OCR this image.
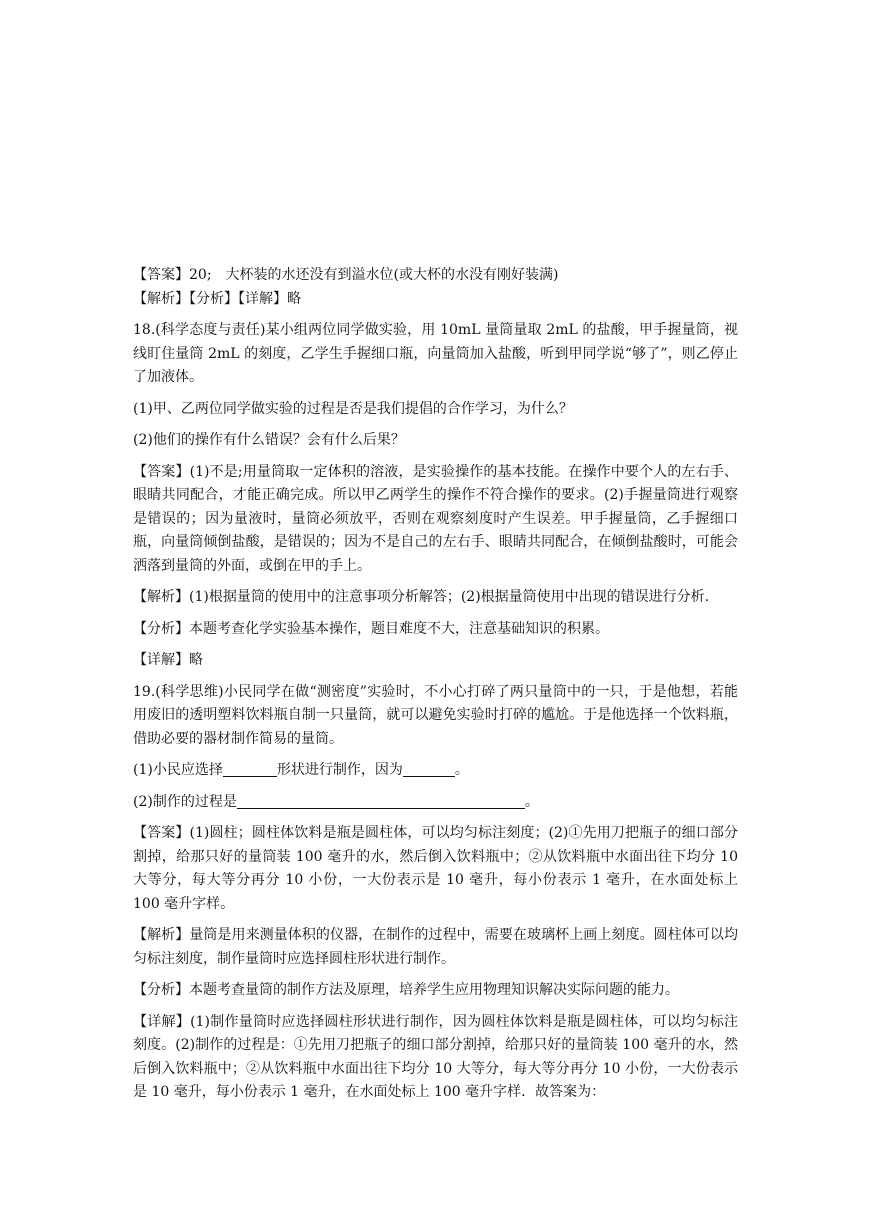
【答案】20;　大杯装的水还没有到溢水位(或大杯的水没有刚好装满)

【解析】【分析】【详解】略

18.(科学态度与责任)某小组两位同学做实验，用 10mL 量筒量取 2mL 的盐酸，甲手握量筒，视线盯住量筒 2mL 的刻度，乙学生手握细口瓶，向量筒加入盐酸，听到甲同学说“够了”，则乙停止了加液体。

(1)甲、乙两位同学做实验的过程是否是我们提倡的合作学习，为什么？

(2)他们的操作有什么错误？会有什么后果？

【答案】(1)不是;用量筒取一定体积的溶液，是实验操作的基本技能。在操作中要个人的左右手、眼睛共同配合，才能正确完成。所以甲乙两学生的操作不符合操作的要求。(2)手握量筒进行观察是错误的；因为量液时，量筒必须放平，否则在观察刻度时产生误差。甲手握量筒，乙手握细口瓶，向量筒倾倒盐酸，是错误的；因为不是自己的左右手、眼睛共同配合，在倾倒盐酸时，可能会洒落到量筒的外面，或倒在甲的手上。

【解析】(1)根据量筒的使用中的注意事项分析解答；(2)根据量筒使用中出现的错误进行分析.

【分析】本题考查化学实验基本操作，题目难度不大，注意基础知识的积累。

【详解】略

19.(科学思维)小民同学在做“测密度”实验时，不小心打碎了两只量筒中的一只，于是他想，若能用废旧的透明塑料饮料瓶自制一只量筒，就可以避免实验时打碎的尴尬。于是他选择一个饮料瓶，借助必要的器材制作简易的量筒。

(1)小民应选择	形状进行制作，因为	。

(2)制作的过程是	。

【答案】(1)圆柱；圆柱体饮料是瓶是圆柱体，可以均匀标注刻度；(2)①先用刀把瓶子的细口部分割掉，给那只好的量筒装 100 毫升的水，然后倒入饮料瓶中；②从饮料瓶中水面出往下均分 10 大等分，每大等分再分 10 小份，一大份表示是 10 毫升，每小份表示 1 毫升，在水面处标上 100 毫升字样。

【解析】量筒是用来测量体积的仪器，在制作的过程中，需要在玻璃杯上画上刻度。圆柱体可以均匀标注刻度，制作量筒时应选择圆柱形状进行制作。

【分析】本题考查量筒的制作方法及原理，培养学生应用物理知识解决实际问题的能力。

【详解】(1)制作量筒时应选择圆柱形状进行制作，因为圆柱体饮料是瓶是圆柱体，可以均匀标注刻度。(2)制作的过程是：①先用刀把瓶子的细口部分割掉，给那只好的量筒装 100 毫升的水，然后倒入饮料瓶中；②从饮料瓶中水面出往下均分 10 大等分，每大等分再分 10 小份，一大份表示是 10 毫升，每小份表示 1 毫升，在水面处标上 100 毫升字样．故答案为：
